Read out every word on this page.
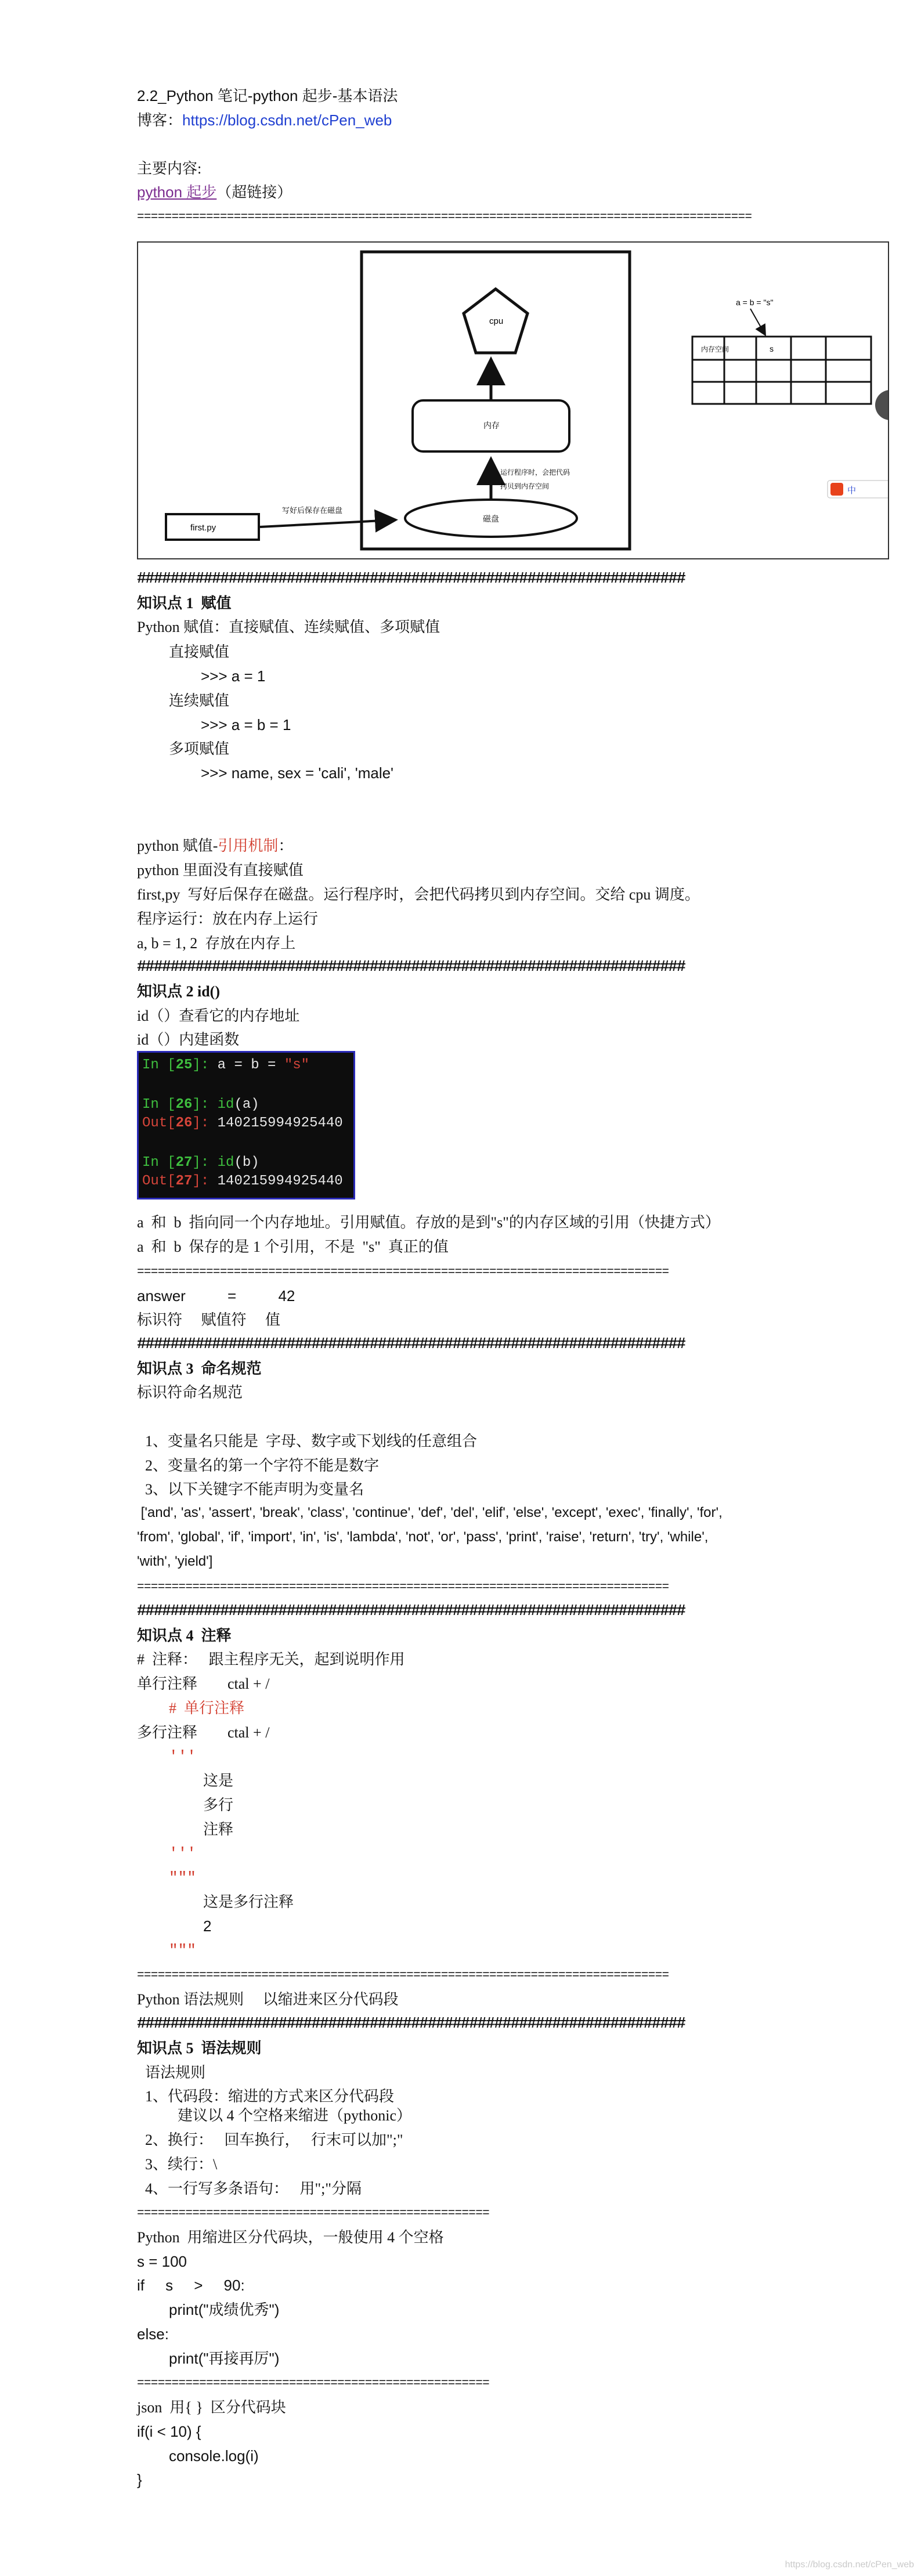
2.2_Python 笔记-python 起步-基本语法
博客：https://blog.csdn.net/cPen_web
主要内容:
python 起步（超链接）
=========================================================================================
cpu
内存
磁盘
运行程序时，会把代码
拷贝到内存空间
first.py
写好后保存在磁盘
a = b = "s"
内存空间	s
中
##################################################################
知识点 1  赋值
Python 赋值：直接赋值、连续赋值、多项赋值
直接赋值
>>> a = 1
连续赋值
>>> a = b = 1
多项赋值
>>> name, sex = 'cali', 'male'
python 赋值-引用机制：
python 里面没有直接赋值
first,py  写好后保存在磁盘。运行程序时，会把代码拷贝到内存空间。交给 cpu 调度。
程序运行：放在内存上运行
a, b = 1, 2  存放在内存上
##################################################################
知识点 2 id()
id（）查看它的内存地址
id（）内建函数
In [25]: a = b = "s"
In [26]: id(a)
Out[26]: 140215994925440
In [27]: id(b)
Out[27]: 140215994925440
a  和  b  指向同一个内存地址。引用赋值。存放的是到"s"的内存区域的引用（快捷方式）
a  和  b  保存的是 1 个引用，不是  "s"  真正的值
=============================================================================
answer          =          42
标识符     赋值符     值
##################################################################
知识点 3  命名规范
标识符命名规范
1、变量名只能是  字母、数字或下划线的任意组合
2、变量名的第一个字符不能是数字
3、以下关键字不能声明为变量名
['and', 'as', 'assert', 'break', 'class', 'continue', 'def', 'del', 'elif', 'else', 'except', 'exec', 'finally', 'for',
'from', 'global', 'if', 'import', 'in', 'is', 'lambda', 'not', 'or', 'pass', 'print', 'raise', 'return', 'try', 'while',
'with', 'yield']
=============================================================================
##################################################################
知识点 4  注释
#  注释：   跟主程序无关，起到说明作用
单行注释        ctal + /
#  单行注释
多行注释        ctal + /
'''
这是
多行
注释
'''
"""
这是多行注释
2
"""
=============================================================================
Python 语法规则     以缩进来区分代码段
##################################################################
知识点 5  语法规则
语法规则
1、代码段：缩进的方式来区分代码段
建议以 4 个空格来缩进（pythonic）
2、换行：   回车换行，   行末可以加";"
3、续行：\
4、一行写多条语句：   用";"分隔
===================================================
Python  用缩进区分代码块，一般使用 4 个空格
s = 100
if     s     >     90:
print("成绩优秀")
else:
print("再接再厉")
===================================================
json  用{ }  区分代码块
if(i < 10) {
console.log(i)
}
https://blog.csdn.net/cPen_web
